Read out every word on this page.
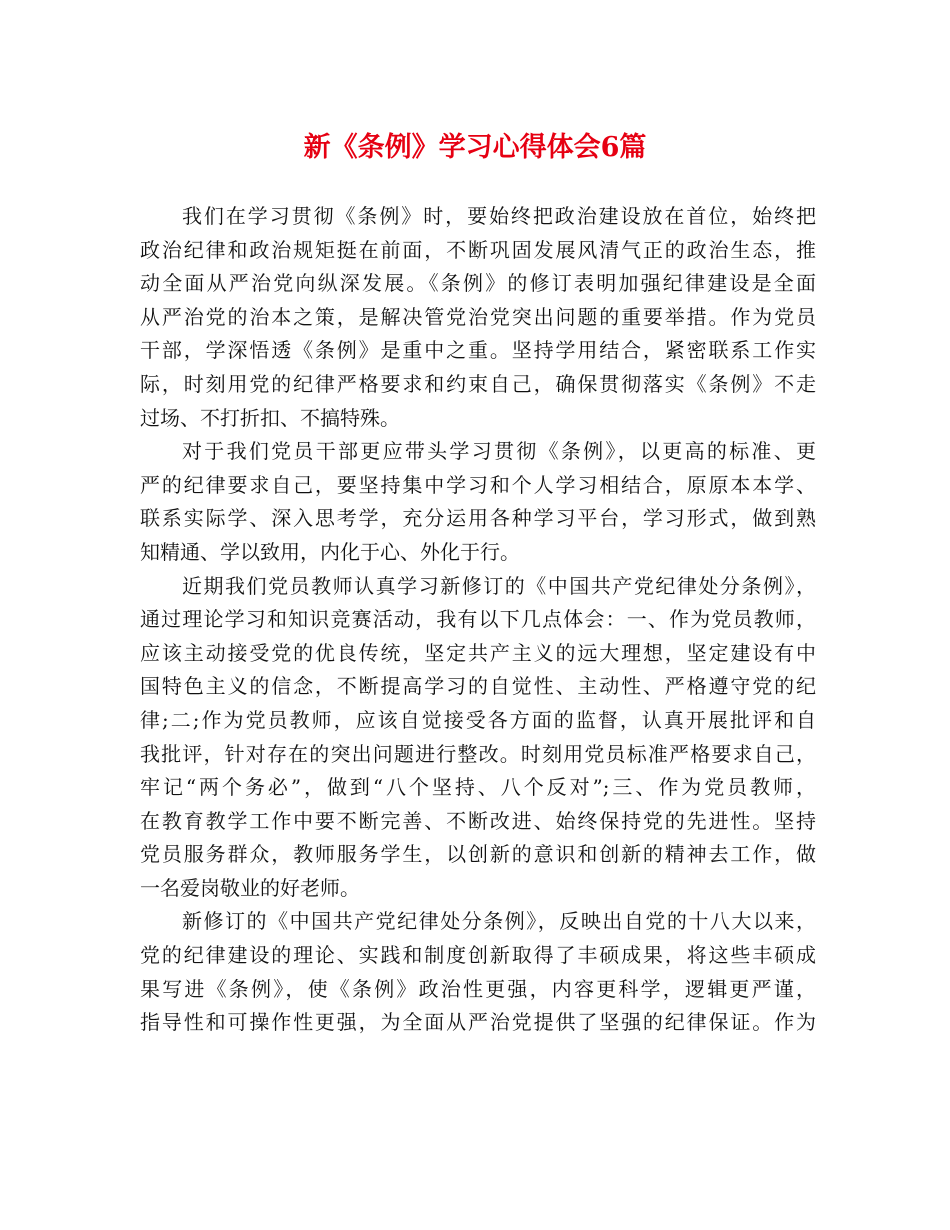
新《条例》学习心得体会6篇
我们在学习贯彻《条例》时，要始终把政治建设放在首位，始终把
政治纪律和政治规矩挺在前面，不断巩固发展风清气正的政治生态，推
动全面从严治党向纵深发展。《条例》的修订表明加强纪律建设是全面
从严治党的治本之策，是解决管党治党突出问题的重要举措。作为党员
干部，学深悟透《条例》是重中之重。坚持学用结合，紧密联系工作实
际，时刻用党的纪律严格要求和约束自己，确保贯彻落实《条例》不走
过场、不打折扣、不搞特殊。
对于我们党员干部更应带头学习贯彻《条例》，以更高的标准、更
严的纪律要求自己，要坚持集中学习和个人学习相结合，原原本本学、
联系实际学、深入思考学，充分运用各种学习平台，学习形式，做到熟
知精通、学以致用，内化于心、外化于行。
近期我们党员教师认真学习新修订的《中国共产党纪律处分条例》，
通过理论学习和知识竞赛活动，我有以下几点体会：一、作为党员教师，
应该主动接受党的优良传统，坚定共产主义的远大理想，坚定建设有中
国特色主义的信念，不断提高学习的自觉性、主动性、严格遵守党的纪
律;二;作为党员教师，应该自觉接受各方面的监督，认真开展批评和自
我批评，针对存在的突出问题进行整改。时刻用党员标准严格要求自己，
牢记“两个务必”，做到“八个坚持、八个反对”;三、作为党员教师，
在教育教学工作中要不断完善、不断改进、始终保持党的先进性。坚持
党员服务群众，教师服务学生，以创新的意识和创新的精神去工作，做
一名爱岗敬业的好老师。
新修订的《中国共产党纪律处分条例》，反映出自党的十八大以来，
党的纪律建设的理论、实践和制度创新取得了丰硕成果，将这些丰硕成
果写进《条例》，使《条例》政治性更强，内容更科学，逻辑更严谨，
指导性和可操作性更强，为全面从严治党提供了坚强的纪律保证。作为
